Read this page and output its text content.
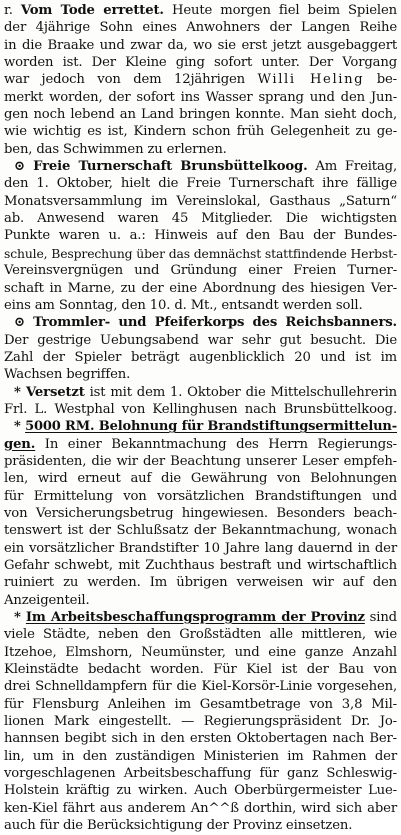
r. Vom Tode errettet. Heute morgen fiel beim Spielen
der 4jährige Sohn eines Anwohners der Langen Reihe
in die Braake und zwar da, wo sie erst jetzt ausgebaggert
worden ist. Der Kleine ging sofort unter. Der Vorgang
war jedoch von dem 12jährigen Willi Heling be-
merkt worden, der sofort ins Wasser sprang und den Jun-
gen noch lebend an Land bringen konnte. Man sieht doch,
wie wichtig es ist, Kindern schon früh Gelegenheit zu ge-
ben, das Schwimmen zu erlernen.
⊙ Freie Turnerschaft Brunsbüttelkoog. Am Freitag,
den 1. Oktober, hielt die Freie Turnerschaft ihre fällige
Monatsversammlung im Vereinslokal, Gasthaus „Saturn“
ab. Anwesend waren 45 Mitglieder. Die wichtigsten
Punkte waren u. a.: Hinweis auf den Bau der Bundes-
schule, Besprechung über das demnächst stattfindende Herbst-
Vereinsvergnügen und Gründung einer Freien Turner-
schaft in Marne, zu der eine Abordnung des hiesigen Ver-
eins am Sonntag, den 10. d. Mt., entsandt werden soll.
⊙ Trommler- und Pfeiferkorps des Reichsbanners.
Der gestrige Uebungsabend war sehr gut besucht. Die
Zahl der Spieler beträgt augenblicklich 20 und ist im
Wachsen begriffen.
* Versetzt ist mit dem 1. Oktober die Mittelschullehrerin
Frl. L. Westphal von Kellinghusen nach Brunsbüttelkoog.
* 5000 RM. Belohnung für Brandstiftungsermittelun-
gen. In einer Bekanntmachung des Herrn Regierungs-
präsidenten, die wir der Beachtung unserer Leser empfeh-
len, wird erneut auf die Gewährung von Belohnungen
für Ermittelung von vorsätzlichen Brandstiftungen und
von Versicherungsbetrug hingewiesen. Besonders beach-
tenswert ist der Schlußsatz der Bekanntmachung, wonach
ein vorsätzlicher Brandstifter 10 Jahre lang dauernd in der
Gefahr schwebt, mit Zuchthaus bestraft und wirtschaftlich
ruiniert zu werden. Im übrigen verweisen wir auf den
Anzeigenteil.
* Im Arbeitsbeschaffungsprogramm der Provinz sind
viele Städte, neben den Großstädten alle mittleren, wie
Itzehoe, Elmshorn, Neumünster, und eine ganze Anzahl
Kleinstädte bedacht worden. Für Kiel ist der Bau von
drei Schnelldampfern für die Kiel-Korsör-Linie vorgesehen,
für Flensburg Anleihen im Gesamtbetrage von 3,8 Mil-
lionen Mark eingestellt. — Regierungspräsident Dr. Jo-
hannsen begibt sich in den ersten Oktobertagen nach Ber-
lin, um in den zuständigen Ministerien im Rahmen der
vorgeschlagenen Arbeitsbeschaffung für ganz Schleswig-
Holstein kräftig zu wirken. Auch Oberbürgermeister Lue-
ken-Kiel fährt aus anderem An^^ß dorthin, wird sich aber
auch für die Berücksichtigung der Provinz einsetzen.
